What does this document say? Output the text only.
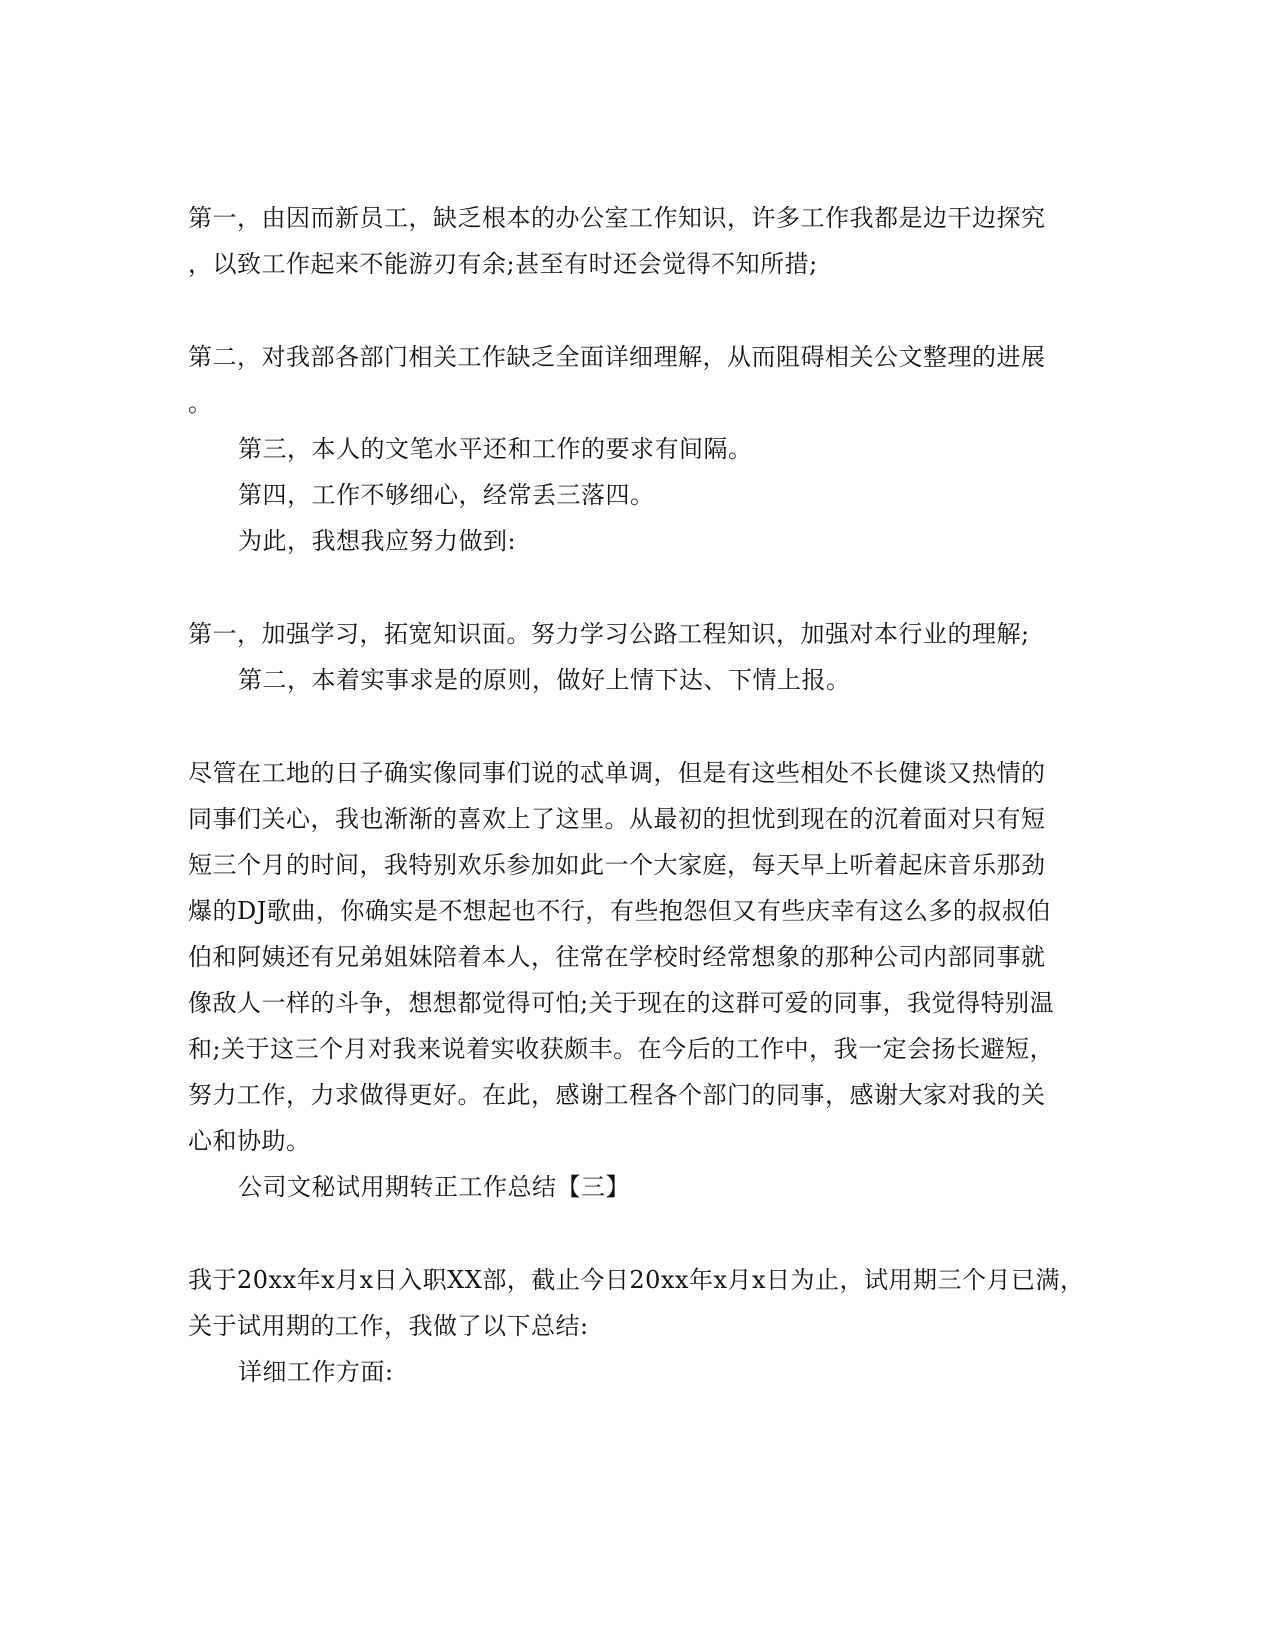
第一，由因而新员工，缺乏根本的办公室工作知识，许多工作我都是边干边探究
，以致工作起来不能游刃有余;甚至有时还会觉得不知所措;
第二，对我部各部门相关工作缺乏全面详细理解，从而阻碍相关公文整理的进展
。
第三，本人的文笔水平还和工作的要求有间隔。
第四，工作不够细心，经常丢三落四。
为此，我想我应努力做到:
第一，加强学习，拓宽知识面。努力学习公路工程知识，加强对本行业的理解;
第二，本着实事求是的原则，做好上情下达、下情上报。
尽管在工地的日子确实像同事们说的忒单调，但是有这些相处不长健谈又热情的
同事们关心，我也渐渐的喜欢上了这里。从最初的担忧到现在的沉着面对只有短
短三个月的时间，我特别欢乐参加如此一个大家庭，每天早上听着起床音乐那劲
爆的DJ歌曲，你确实是不想起也不行，有些抱怨但又有些庆幸有这么多的叔叔伯
伯和阿姨还有兄弟姐妹陪着本人，往常在学校时经常想象的那种公司内部同事就
像敌人一样的斗争，想想都觉得可怕;关于现在的这群可爱的同事，我觉得特别温
和;关于这三个月对我来说着实收获颇丰。在今后的工作中，我一定会扬长避短，
努力工作，力求做得更好。在此，感谢工程各个部门的同事，感谢大家对我的关
心和协助。
公司文秘试用期转正工作总结【三】
我于20xx年x月x日入职XX部，截止今日20xx年x月x日为止，试用期三个月已满，
关于试用期的工作，我做了以下总结:
详细工作方面:
